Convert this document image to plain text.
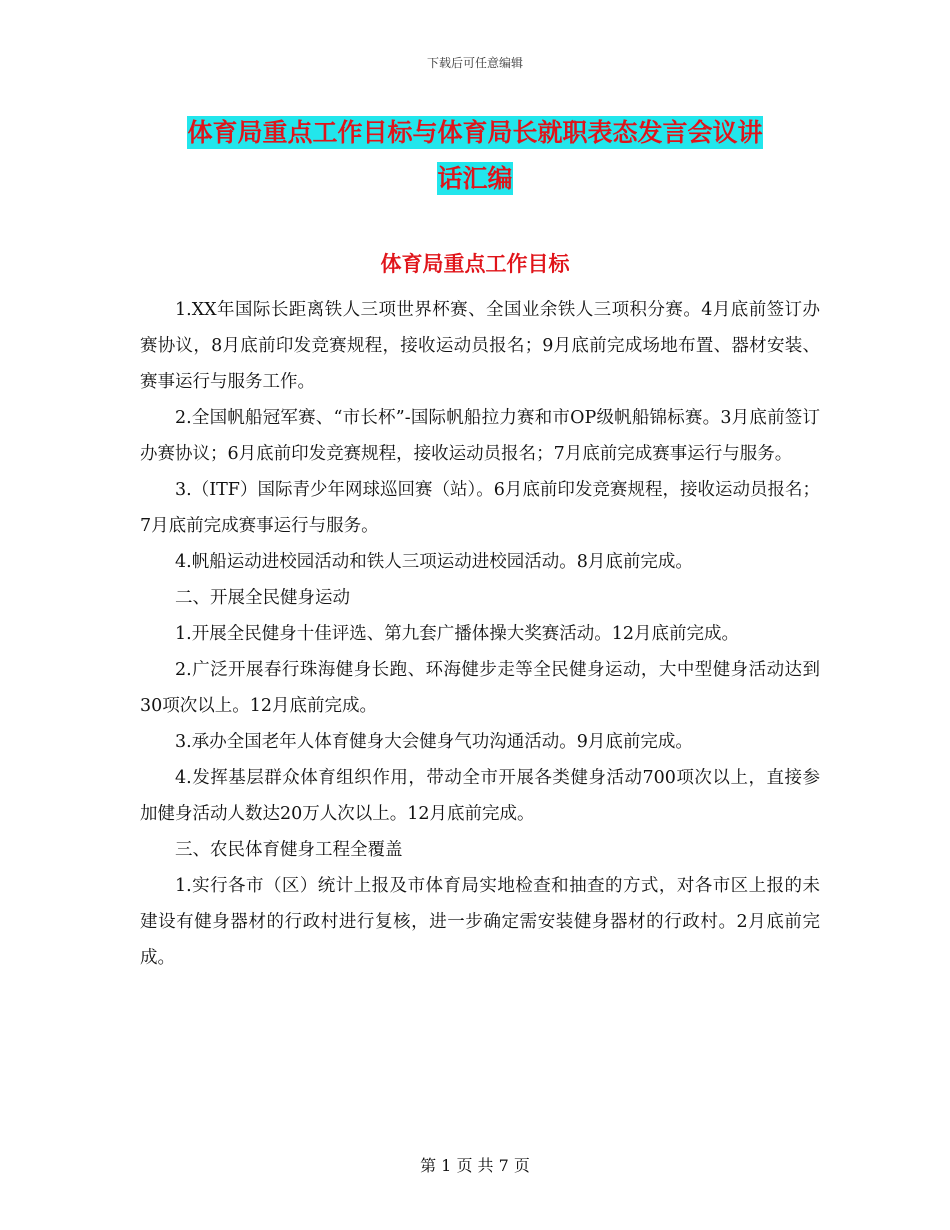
下载后可任意编辑
体育局重点工作目标与体育局长就职表态发言会议讲
话汇编
体育局重点工作目标

1.XX年国际长距离铁人三项世界杯赛、全国业余铁人三项积分赛。4月底前签订办赛协议，8月底前印发竞赛规程，接收运动员报名；9月底前完成场地布置、器材安装、赛事运行与服务工作。

2.全国帆船冠军赛、“市长杯”-国际帆船拉力赛和市OP级帆船锦标赛。3月底前签订办赛协议；6月底前印发竞赛规程，接收运动员报名；7月底前完成赛事运行与服务。

3.（ITF）国际青少年网球巡回赛（站）。6月底前印发竞赛规程，接收运动员报名；7月底前完成赛事运行与服务。

4.帆船运动进校园活动和铁人三项运动进校园活动。8月底前完成。

二、开展全民健身运动

1.开展全民健身十佳评选、第九套广播体操大奖赛活动。12月底前完成。

2.广泛开展春行珠海健身长跑、环海健步走等全民健身运动，大中型健身活动达到30项次以上。12月底前完成。

3.承办全国老年人体育健身大会健身气功沟通活动。9月底前完成。

4.发挥基层群众体育组织作用，带动全市开展各类健身活动700项次以上，直接参加健身活动人数达20万人次以上。12月底前完成。

三、农民体育健身工程全覆盖

1.实行各市（区）统计上报及市体育局实地检查和抽查的方式，对各市区上报的未建设有健身器材的行政村进行复核，进一步确定需安装健身器材的行政村。2月底前完成。

第 1 页 共 7 页
